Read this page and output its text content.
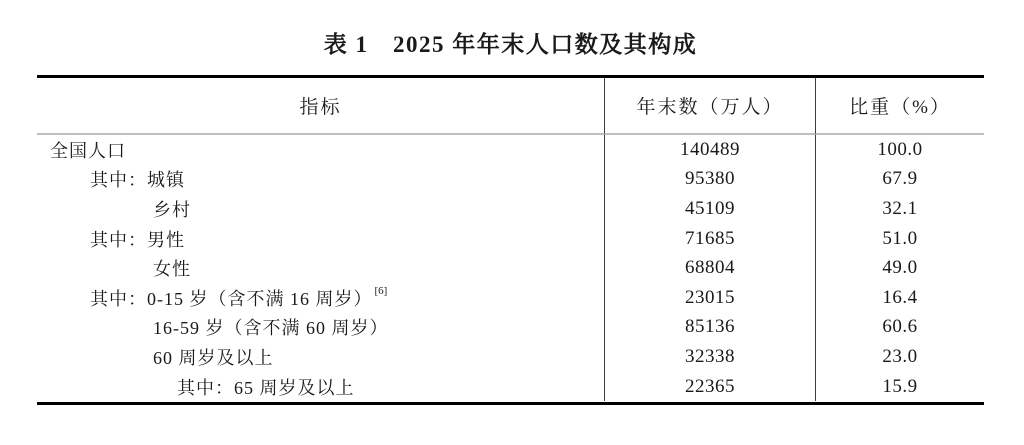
表 1　2025 年年末人口数及其构成
指标	年末数（万人）	比重（%）
全国人口	140489	100.0
其中：城镇	95380	67.9
乡村	45109	32.1
其中：男性	71685	51.0
女性	68804	49.0
其中：0-15 岁（含不满 16 周岁）[6]	23015	16.4
16-59 岁（含不满 60 周岁）	85136	60.6
60 周岁及以上	32338	23.0
其中：65 周岁及以上	22365	15.9
